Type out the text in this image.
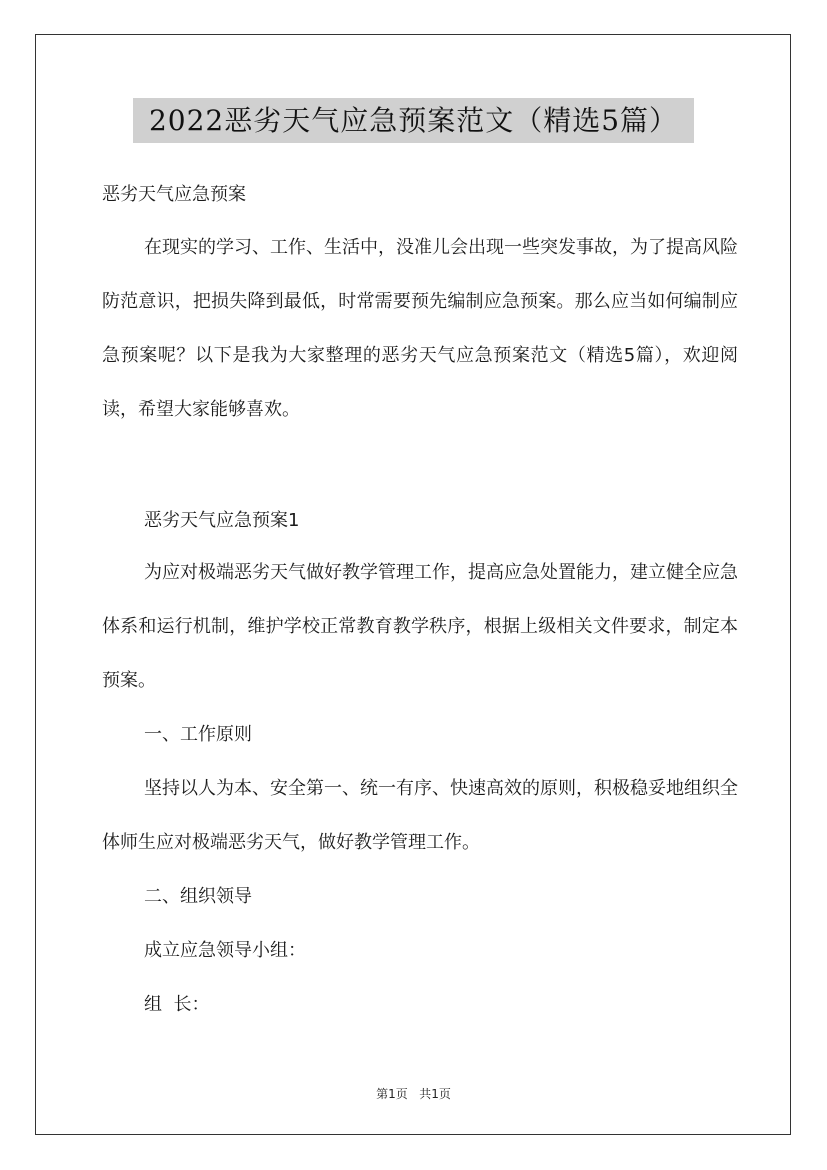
2022恶劣天气应急预案范文（精选5篇）
恶劣天气应急预案

在现实的学习、工作、生活中，没准儿会出现一些突发事故，为了提高风险防范意识，把损失降到最低，时常需要预先编制应急预案。那么应当如何编制应急预案呢？以下是我为大家整理的恶劣天气应急预案范文（精选5篇），欢迎阅读，希望大家能够喜欢。

恶劣天气应急预案1

为应对极端恶劣天气做好教学管理工作，提高应急处置能力，建立健全应急体系和运行机制，维护学校正常教育教学秩序，根据上级相关文件要求，制定本预案。

一、工作原则

坚持以人为本、安全第一、统一有序、快速高效的原则，积极稳妥地组织全体师生应对极端恶劣天气，做好教学管理工作。

二、组织领导
成立应急领导小组：
组  长：
第1页   共1页
